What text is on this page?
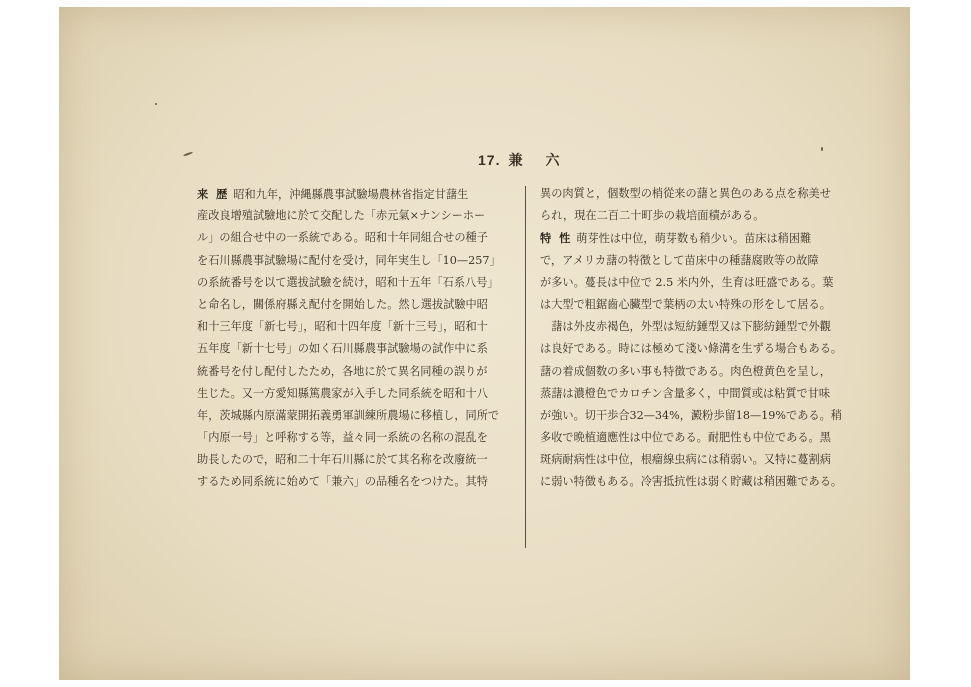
17. 兼 六
来 歴 昭和九年，沖縄縣農事試驗場農林省指定甘藷生
産改良增殖試驗地に於て交配した「赤元氣×ナンシーホー
ル」の組合せ中の一系統である。昭和十年同組合せの種子
を石川縣農事試驗場に配付を受け，同年実生し「10—257」
の系統番号を以て選拔試驗を続け，昭和十五年「石系八号」
と命名し，關係府縣え配付を開始した。然し選拔試驗中昭
和十三年度「新七号」，昭和十四年度「新十三号」，昭和十
五年度「新十七号」の如く石川縣農事試驗場の試作中に系
統番号を付し配付したため，各地に於て異名同種の誤りが
生じた。又一方愛知縣篤農家が入手した同系統を昭和十八
年，茨城縣内原滿蒙開拓義勇軍訓練所農場に移植し，同所で
「内原一号」と呼称する等，益々同一系統の名称の混乱を
助長したので，昭和二十年石川縣に於て其名称を改廢統一
するため同系統に始めて「兼六」の品種名をつけた。其特
異の肉質と，個数型の梢從来の藷と異色のある点を称美せ
られ，現在二百二十町歩の栽培面積がある。
特 性 萌芽性は中位，萌芽数も稍少い。苗床は稍困難
で，アメリカ藷の特徴として苗床中の種藷腐敗等の故障
が多い。蔓長は中位で 2.5 米内外，生育は旺盛である。葉
は大型で粗鋸齒心臟型で葉柄の太い特殊の形をして居る。
　藷は外皮赤褐色，外型は短紡錘型又は下膨紡錘型で外觀
は良好である。時には極めて淺い條溝を生ずる場合もある。
藷の着成個数の多い事も特徴である。肉色橙黄色を呈し，
蒸藷は濃橙色でカロチン含量多く，中間質或は粘質で甘味
が強い。切干歩合32—34%，澱粉歩留18—19%である。稍
多收で晩植適應性は中位である。耐肥性も中位である。黑
斑病耐病性は中位，根瘤線虫病には稍弱い。又特に蔓割病
に弱い特徴もある。冷害抵抗性は弱く貯藏は稍困難である。
